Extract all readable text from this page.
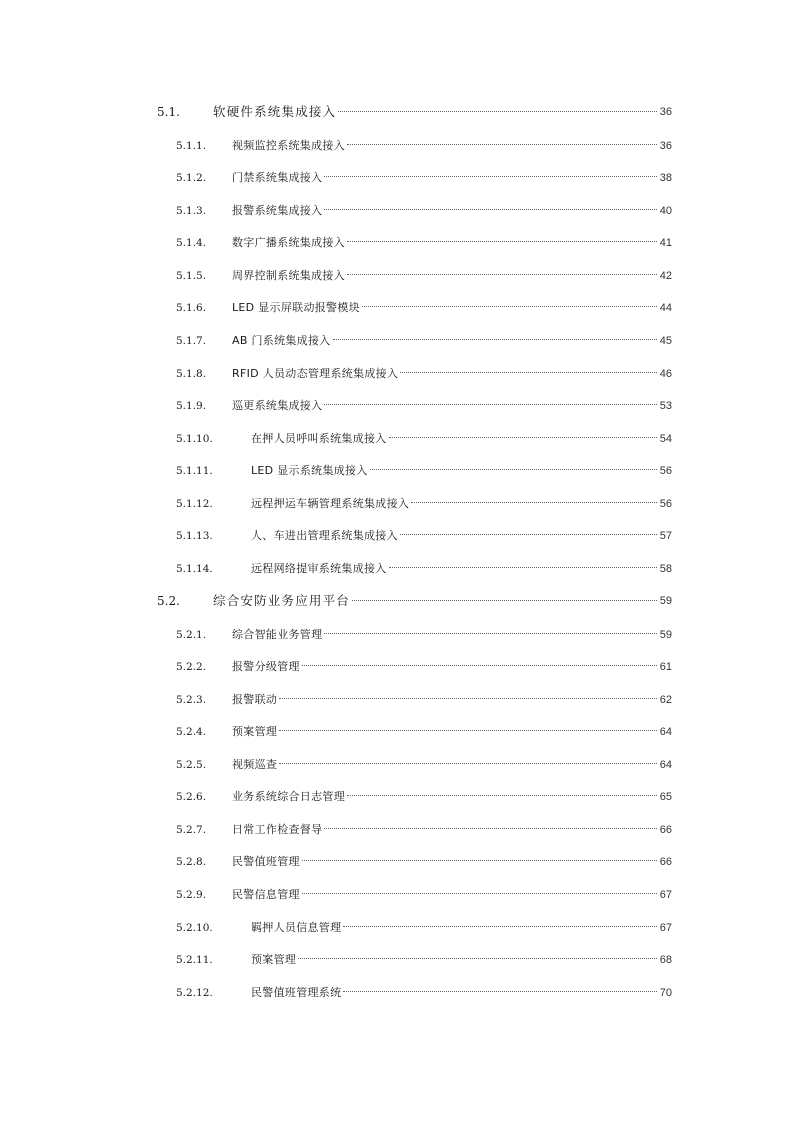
5.1.	软硬件系统集成接入	36
5.1.1. 视频监控系统集成接入	36
5.1.2. 门禁系统集成接入	38
5.1.3. 报警系统集成接入	40
5.1.4. 数字广播系统集成接入	41
5.1.5. 周界控制系统集成接入	42
5.1.6. LED 显示屏联动报警模块	44
5.1.7. AB 门系统集成接入	45
5.1.8. RFID 人员动态管理系统集成接入	46
5.1.9. 巡更系统集成接入	53
5.1.10.	在押人员呼叫系统集成接入	54
5.1.11.	LED 显示系统集成接入	56
5.1.12.	远程押运车辆管理系统集成接入	56
5.1.13.	人、车进出管理系统集成接入	57
5.1.14.	远程网络提审系统集成接入	58
5.2.	综合安防业务应用平台	59
5.2.1. 综合智能业务管理	59
5.2.2. 报警分级管理	61
5.2.3. 报警联动	62
5.2.4. 预案管理	64
5.2.5. 视频巡查	64
5.2.6. 业务系统综合日志管理	65
5.2.7. 日常工作检查督导	66
5.2.8. 民警值班管理	66
5.2.9. 民警信息管理	67
5.2.10.	羁押人员信息管理	67
5.2.11.	预案管理	68
5.2.12.	民警值班管理系统	70
